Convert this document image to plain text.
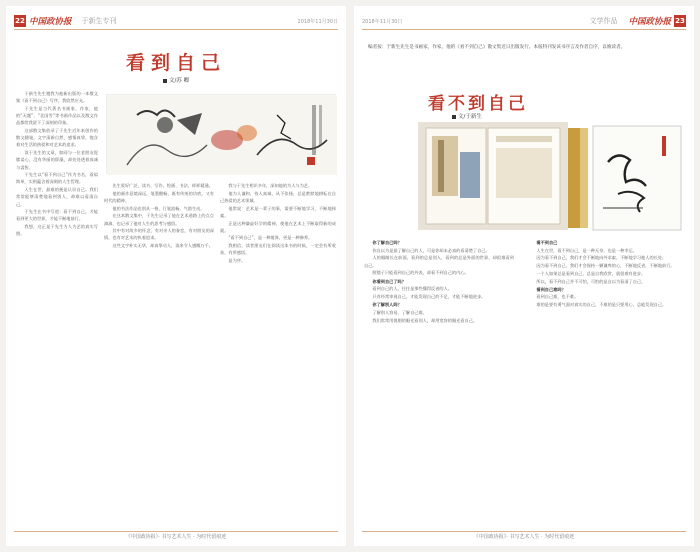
22 中国政协报 于新生专刊	2018年11月30日
看到自己
文/苏 卿

于新生先生邀我为他新出版的一本散文集《看不到自己》写序，我欣然应允。

于先生是当代著名书画家、作家，他的“无题”、“北国雪”等书画作品以及散文作品都给我留下了深刻的印象。

这部散文集收录了于先生近年来创作的散文随笔，文字清新自然，感情真挚，饱含着对生活的热爱和对艺术的追求。

读于先生的文章，如同与一位老朋友促膝谈心，没有华丽的辞藻，却处处透着真诚与睿智。

于先生以“看不到自己”作为书名，看似简单，实则蕴含着深刻的人生哲理。

人生在世，最难的便是认识自己。我们常常能够清楚地看到别人，却难以看清自己。

于先生在书中写道：看不到自己，才能看到更大的世界，才能不断地前行。

我想，这正是于先生为人为艺的真实写照。

先生爱好广泛，读书、写作、绘画、书法，样样精通。

他的画作意境深远，笔墨酣畅，既有传统的功底，又有时代的精神。

他的书法作品也别具一格，行笔流畅，气韵生动。

在这本散文集中，于先生记录了他在艺术道路上的点点滴滴，也记录了他对人生的思考与感悟。

其中有对故乡的怀念，有对亲人的眷恋，有对朋友的深情，也有对艺术的执着追求。

这些文字朴实无华，却真挚动人，读来令人感慨万千。

我与于先生相识多年，深知他的为人与为艺。

他为人谦和，待人真诚，从不张扬，总是默默地耕耘在自己热爱的艺术领域。

他常说：艺术是一辈子的事，需要不断地学习，不断地探索。

正是这种谦虚好学的精神，使他在艺术上不断取得新的成就。

“看不到自己”，是一种境界，更是一种修养。

我相信，读者朋友们在阅读这本书的时候，一定会有所收获，有所感悟。

是为序。

《中国政协报》· 书写艺术人生 · 为时代留痕迹
2018年11月30日	文学作品 中国政协报 23
编者按：于新生先生是书画家，作家，他的《看不到自己》散文集近日出版发行。本报特刊发该书序言及作者自序，以飨读者。
看不到自己
文/于新生

你了解自己吗？

你自以为是最了解自己的人，可是你却未必真的看清楚了自己。

人的眼睛长在前面，看到的总是别人，看到的总是外面的世界，却很难看到自己。

照镜子只能看到自己的外表，却看不到自己的内心。

你看到自己了吗？

看到自己的人，往往是那些懂得反省的人。

只有经常审视自己，才能发现自己的不足，才能不断地进步。

你了解别人吗？

了解别人容易，了解自己难。

我们常常用挑剔的眼光看别人，却用宽容的眼光看自己。

看不到自己

人生在世，看不到自己，是一种无奈，也是一种幸运。

因为看不到自己，我们才会不断地向外求索，不断地学习他人的长处。

因为看不到自己，我们才会保持一颗谦卑的心，不断地反省，不断地前行。

一个人如果总是看到自己，总是自我欣赏，就很难有进步。

所以，看不到自己并不可怕，可怕的是自以为看清了自己。

看到自己难吗？

看到自己难，也不难。

难的是要有勇气面对真实的自己，不难的是只要用心，总能发现自己。

《中国政协报》· 书写艺术人生 · 为时代留痕迹
